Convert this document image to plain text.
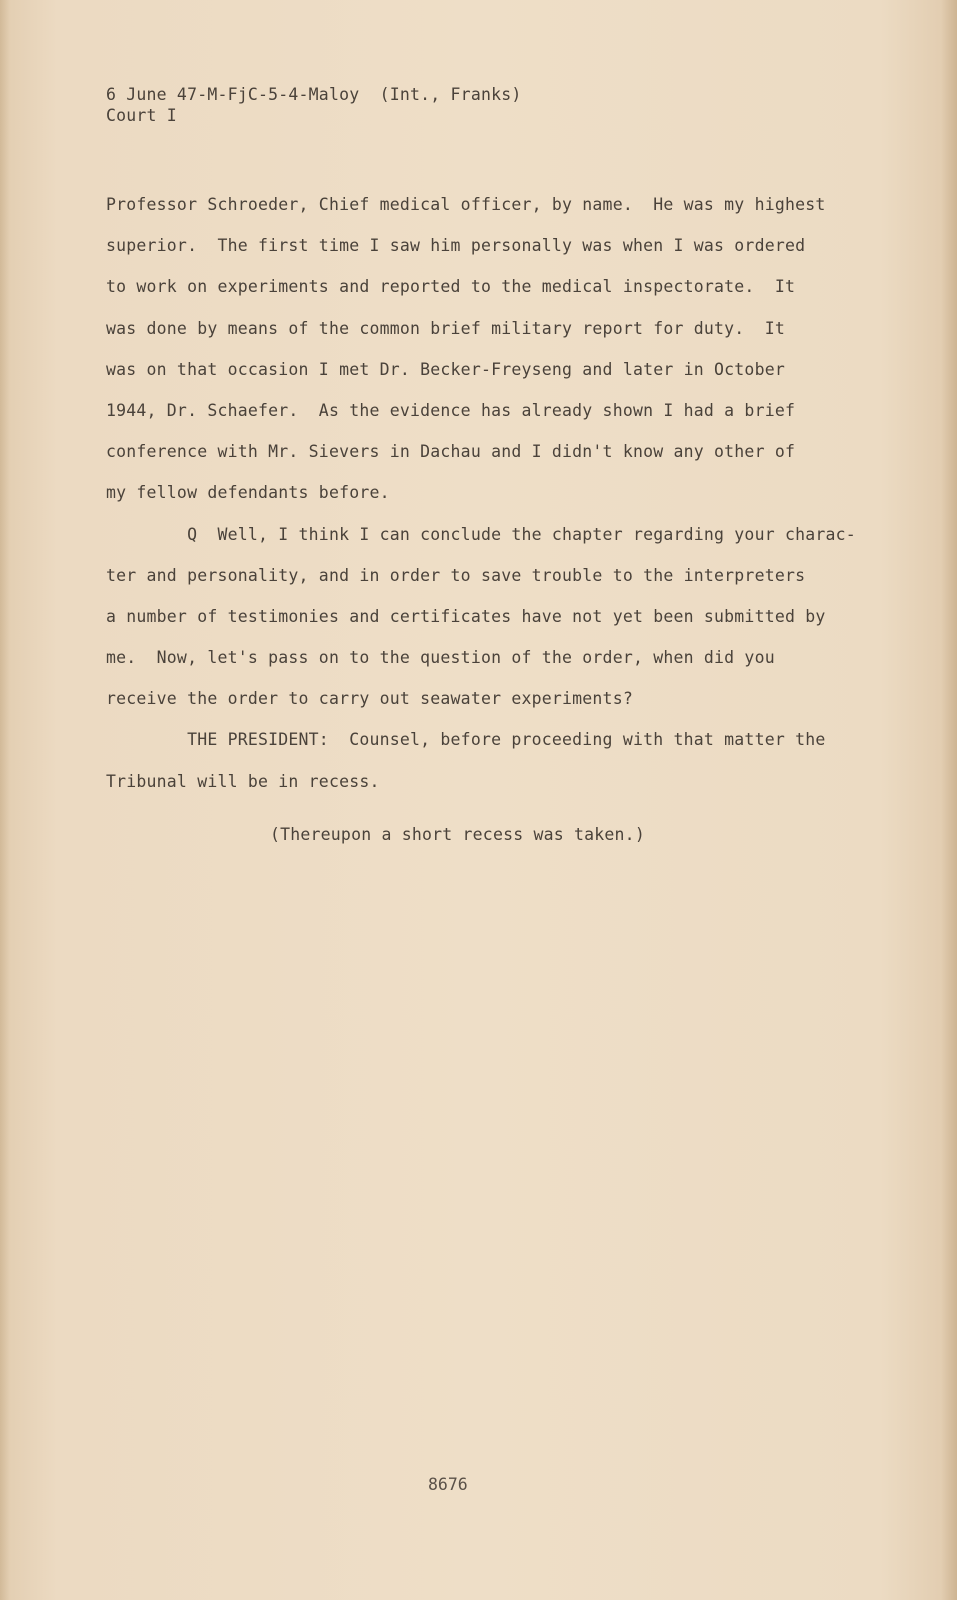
6 June 47-M-FjC-5-4-Maloy  (Int., Franks)
Court I
Professor Schroeder, Chief medical officer, by name.  He was my highest
superior.  The first time I saw him personally was when I was ordered
to work on experiments and reported to the medical inspectorate.  It
was done by means of the common brief military report for duty.  It
was on that occasion I met Dr. Becker-Freyseng and later in October
1944, Dr. Schaefer.  As the evidence has already shown I had a brief
conference with Mr. Sievers in Dachau and I didn't know any other of
my fellow defendants before.
Q  Well, I think I can conclude the chapter regarding your charac-
ter and personality, and in order to save trouble to the interpreters
a number of testimonies and certificates have not yet been submitted by
me.  Now, let's pass on to the question of the order, when did you
receive the order to carry out seawater experiments?
THE PRESIDENT:  Counsel, before proceeding with that matter the
Tribunal will be in recess.
(Thereupon a short recess was taken.)
8676
